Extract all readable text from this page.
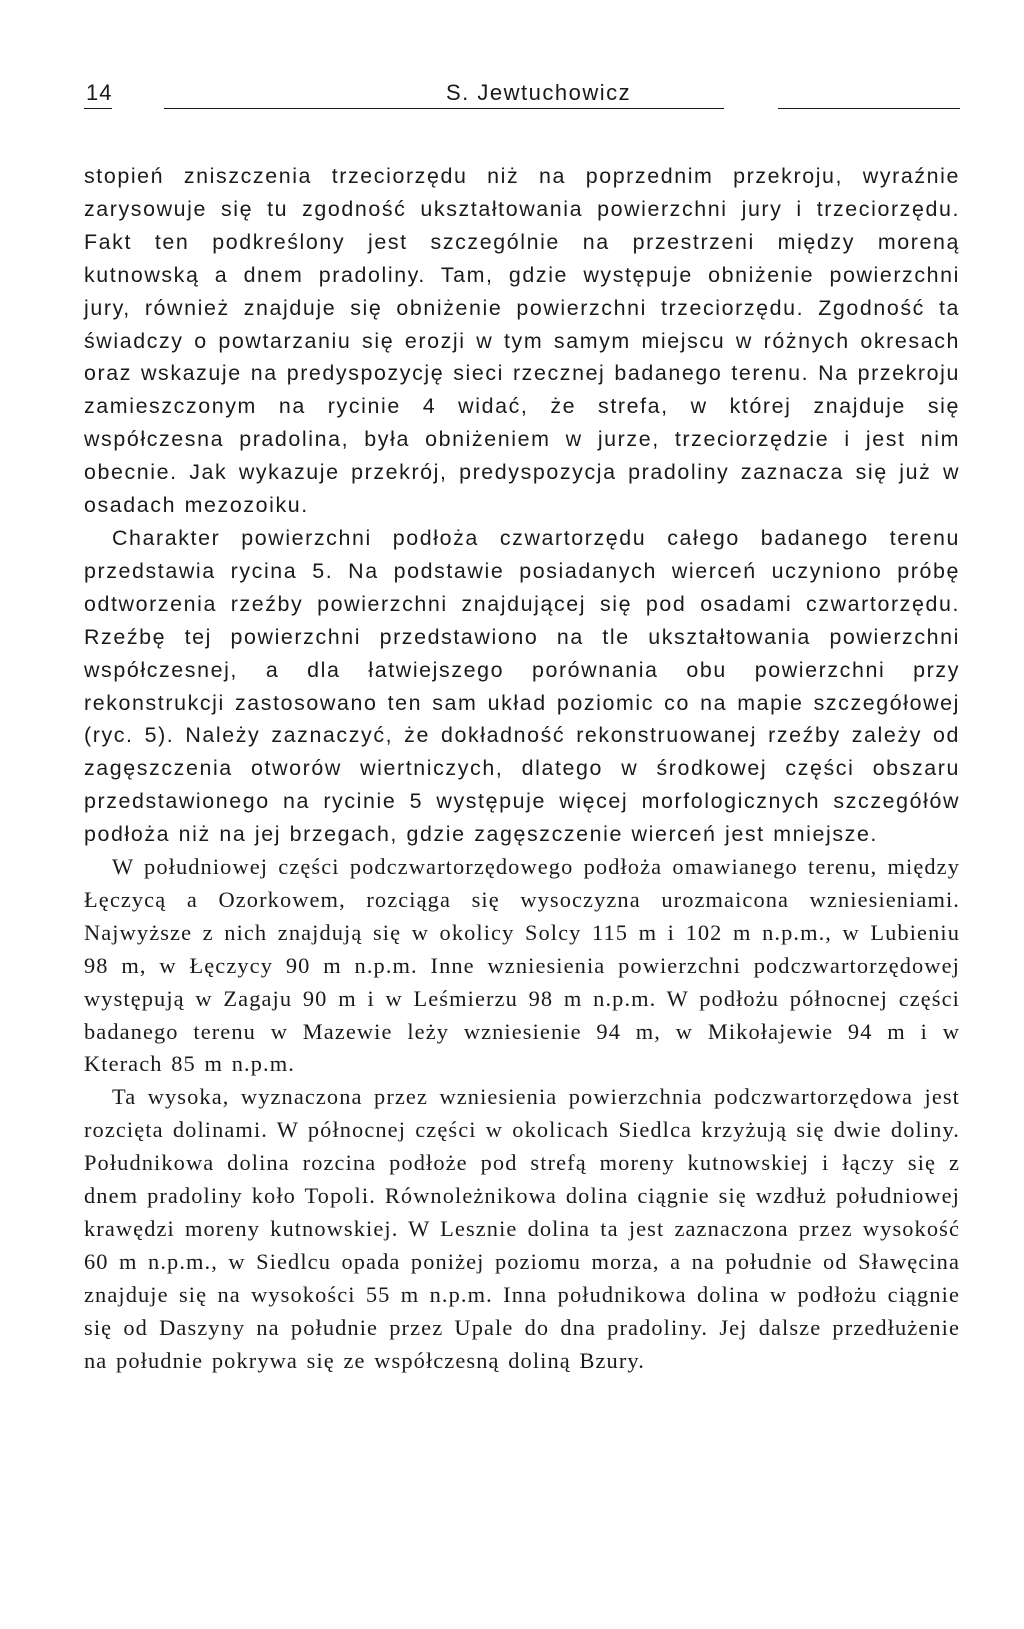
14	S. Jewtuchowicz

stopień zniszczenia trzeciorzędu niż na poprzednim przekroju, wyraźnie zarysowuje się tu zgodność ukształtowania powierzchni jury i trzeciorzędu. Fakt ten podkreślony jest szczególnie na przestrzeni między moreną kutnowską a dnem pradoliny. Tam, gdzie występuje obniżenie powierzchni jury, również znajduje się obniżenie powierzchni trzeciorzędu. Zgodność ta świadczy o powtarzaniu się erozji w tym samym miejscu w różnych okresach oraz wskazuje na predyspozycję sieci rzecznej badanego terenu. Na przekroju zamieszczonym na rycinie 4 widać, że strefa, w której znajduje się współczesna pradolina, była obniżeniem w jurze, trzeciorzędzie i jest nim obecnie. Jak wykazuje przekrój, predyspozycja pradoliny zaznacza się już w osadach mezozoiku.

Charakter powierzchni podłoża czwartorzędu całego badanego terenu przedstawia rycina 5. Na podstawie posiadanych wierceń uczyniono próbę odtworzenia rzeźby powierzchni znajdującej się pod osadami czwartorzędu. Rzeźbę tej powierzchni przedstawiono na tle ukształtowania powierzchni współczesnej, a dla łatwiejszego porównania obu powierzchni przy rekonstrukcji zastosowano ten sam układ poziomic co na mapie szczegółowej (ryc. 5). Należy zaznaczyć, że dokładność rekonstruowanej rzeźby zależy od zagęszczenia otworów wiertniczych, dlatego w środkowej części obszaru przedstawionego na rycinie 5 występuje więcej morfologicznych szczegółów podłoża niż na jej brzegach, gdzie zagęszczenie wierceń jest mniejsze.

W południowej części podczwartorzędowego podłoża omawianego terenu, między Łęczycą a Ozorkowem, rozciąga się wysoczyzna urozmaicona wzniesieniami. Najwyższe z nich znajdują się w okolicy Solcy 115 m i 102 m n.p.m., w Lubieniu 98 m, w Łęczycy 90 m n.p.m. Inne wzniesienia powierzchni podczwartorzędowej występują w Zagaju 90 m i w Leśmierzu 98 m n.p.m. W podłożu północnej części badanego terenu w Mazewie leży wzniesienie 94 m, w Mikołajewie 94 m i w Kterach 85 m n.p.m.

Ta wysoka, wyznaczona przez wzniesienia powierzchnia podczwartorzędowa jest rozcięta dolinami. W północnej części w okolicach Siedlca krzyżują się dwie doliny. Południkowa dolina rozcina podłoże pod strefą moreny kutnowskiej i łączy się z dnem pradoliny koło Topoli. Równoleżnikowa dolina ciągnie się wzdłuż południowej krawędzi moreny kutnowskiej. W Lesznie dolina ta jest zaznaczona przez wysokość 60 m n.p.m., w Siedlcu opada poniżej poziomu morza, a na południe od Sławęcina znajduje się na wysokości 55 m n.p.m. Inna południkowa dolina w podłożu ciągnie się od Daszyny na południe przez Upale do dna pradoliny. Jej dalsze przedłużenie na południe pokrywa się ze współczesną doliną Bzury.
